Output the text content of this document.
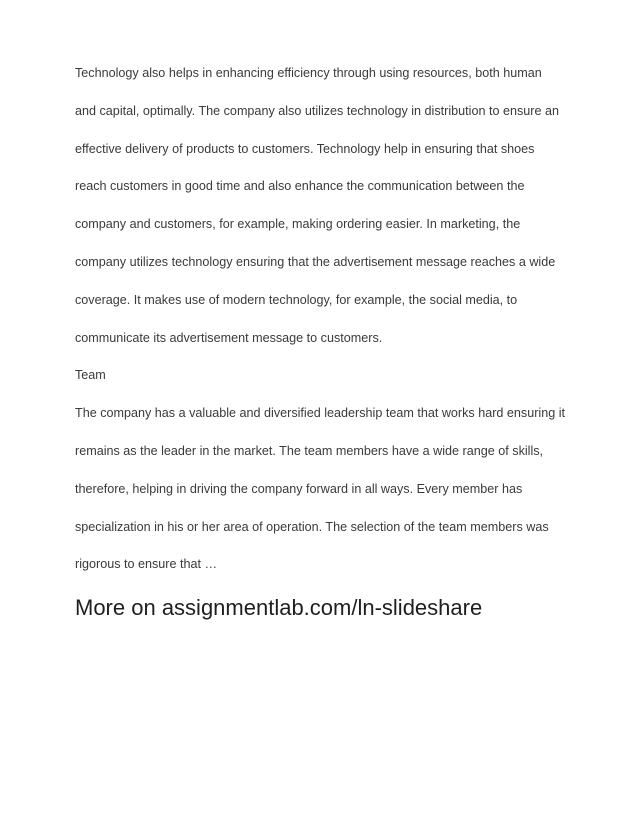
Technology also helps in enhancing efficiency through using resources, both human
and capital, optimally. The company also utilizes technology in distribution to ensure an
effective delivery of products to customers. Technology help in ensuring that shoes
reach customers in good time and also enhance the communication between the
company and customers, for example, making ordering easier. In marketing, the
company utilizes technology ensuring that the advertisement message reaches a wide
coverage. It makes use of modern technology, for example, the social media, to
communicate its advertisement message to customers.
Team
The company has a valuable and diversified leadership team that works hard ensuring it
remains as the leader in the market. The team members have a wide range of skills,
therefore, helping in driving the company forward in all ways. Every member has
specialization in his or her area of operation. The selection of the team members was
rigorous to ensure that …
More on assignmentlab.com/ln-slideshare
